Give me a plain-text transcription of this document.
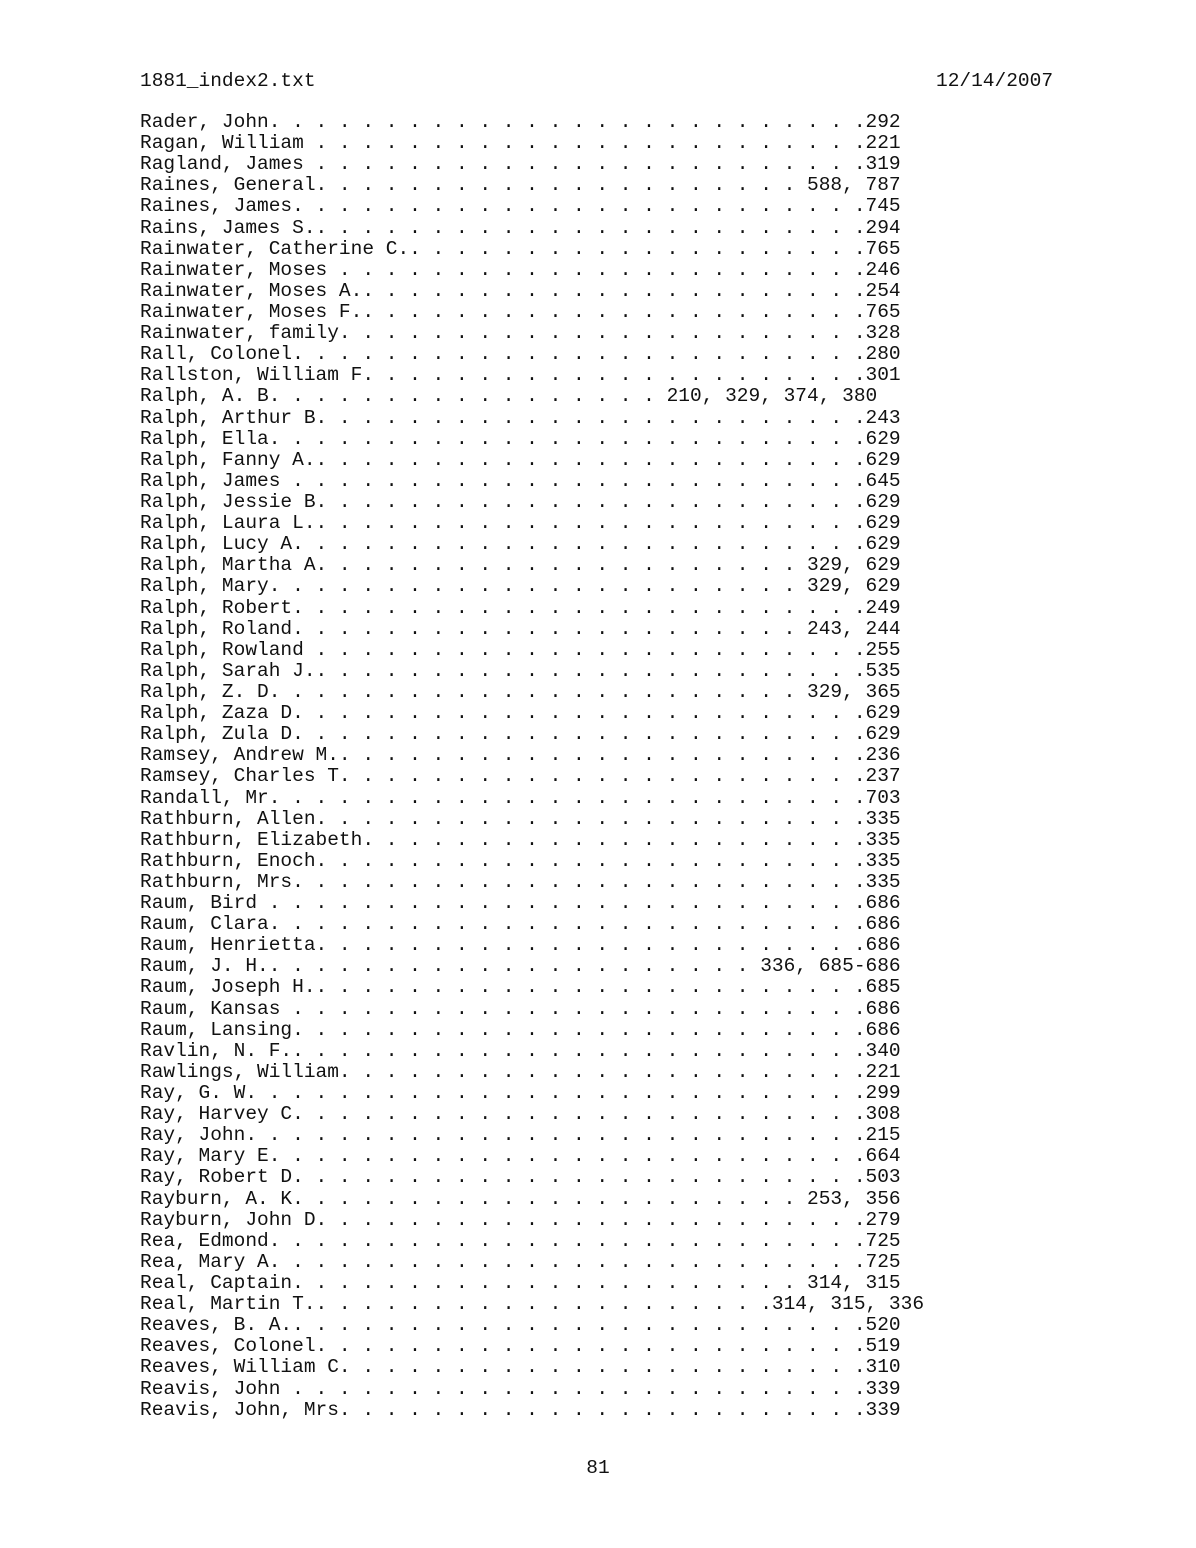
1881_index2.txt	12/14/2007
Rader, John. . . . . . . . . . . . . . . . . . . . . . . . . .292
Ragan, William . . . . . . . . . . . . . . . . . . . . . . . .221
Ragland, James . . . . . . . . . . . . . . . . . . . . . . . .319
Raines, General. . . . . . . . . . . . . . . . . . . . . 588, 787
Raines, James. . . . . . . . . . . . . . . . . . . . . . . . .745
Rains, James S.. . . . . . . . . . . . . . . . . . . . . . . .294
Rainwater, Catherine C.. . . . . . . . . . . . . . . . . . . .765
Rainwater, Moses . . . . . . . . . . . . . . . . . . . . . . .246
Rainwater, Moses A.. . . . . . . . . . . . . . . . . . . . . .254
Rainwater, Moses F.. . . . . . . . . . . . . . . . . . . . . .765
Rainwater, family. . . . . . . . . . . . . . . . . . . . . . .328
Rall, Colonel. . . . . . . . . . . . . . . . . . . . . . . . .280
Rallston, William F. . . . . . . . . . . . . . . . . . . . . .301
Ralph, A. B. . . . . . . . . . . . . . . . . 210, 329, 374, 380
Ralph, Arthur B. . . . . . . . . . . . . . . . . . . . . . . .243
Ralph, Ella. . . . . . . . . . . . . . . . . . . . . . . . . .629
Ralph, Fanny A.. . . . . . . . . . . . . . . . . . . . . . . .629
Ralph, James . . . . . . . . . . . . . . . . . . . . . . . . .645
Ralph, Jessie B. . . . . . . . . . . . . . . . . . . . . . . .629
Ralph, Laura L.. . . . . . . . . . . . . . . . . . . . . . . .629
Ralph, Lucy A. . . . . . . . . . . . . . . . . . . . . . . . .629
Ralph, Martha A. . . . . . . . . . . . . . . . . . . . . 329, 629
Ralph, Mary. . . . . . . . . . . . . . . . . . . . . . . 329, 629
Ralph, Robert. . . . . . . . . . . . . . . . . . . . . . . . .249
Ralph, Roland. . . . . . . . . . . . . . . . . . . . . . 243, 244
Ralph, Rowland . . . . . . . . . . . . . . . . . . . . . . . .255
Ralph, Sarah J.. . . . . . . . . . . . . . . . . . . . . . . .535
Ralph, Z. D. . . . . . . . . . . . . . . . . . . . . . . 329, 365
Ralph, Zaza D. . . . . . . . . . . . . . . . . . . . . . . . .629
Ralph, Zula D. . . . . . . . . . . . . . . . . . . . . . . . .629
Ramsey, Andrew M.. . . . . . . . . . . . . . . . . . . . . . .236
Ramsey, Charles T. . . . . . . . . . . . . . . . . . . . . . .237
Randall, Mr. . . . . . . . . . . . . . . . . . . . . . . . . .703
Rathburn, Allen. . . . . . . . . . . . . . . . . . . . . . . .335
Rathburn, Elizabeth. . . . . . . . . . . . . . . . . . . . . .335
Rathburn, Enoch. . . . . . . . . . . . . . . . . . . . . . . .335
Rathburn, Mrs. . . . . . . . . . . . . . . . . . . . . . . . .335
Raum, Bird . . . . . . . . . . . . . . . . . . . . . . . . . .686
Raum, Clara. . . . . . . . . . . . . . . . . . . . . . . . . .686
Raum, Henrietta. . . . . . . . . . . . . . . . . . . . . . . .686
Raum, J. H.. . . . . . . . . . . . . . . . . . . . . 336, 685-686
Raum, Joseph H.. . . . . . . . . . . . . . . . . . . . . . . .685
Raum, Kansas . . . . . . . . . . . . . . . . . . . . . . . . .686
Raum, Lansing. . . . . . . . . . . . . . . . . . . . . . . . .686
Ravlin, N. F.. . . . . . . . . . . . . . . . . . . . . . . . .340
Rawlings, William. . . . . . . . . . . . . . . . . . . . . . .221
Ray, G. W. . . . . . . . . . . . . . . . . . . . . . . . . . .299
Ray, Harvey C. . . . . . . . . . . . . . . . . . . . . . . . .308
Ray, John. . . . . . . . . . . . . . . . . . . . . . . . . . .215
Ray, Mary E. . . . . . . . . . . . . . . . . . . . . . . . . .664
Ray, Robert D. . . . . . . . . . . . . . . . . . . . . . . . .503
Rayburn, A. K. . . . . . . . . . . . . . . . . . . . . . 253, 356
Rayburn, John D. . . . . . . . . . . . . . . . . . . . . . . .279
Rea, Edmond. . . . . . . . . . . . . . . . . . . . . . . . . .725
Rea, Mary A. . . . . . . . . . . . . . . . . . . . . . . . . .725
Real, Captain. . . . . . . . . . . . . . . . . . . . . . 314, 315
Real, Martin T.. . . . . . . . . . . . . . . . . . . .314, 315, 336
Reaves, B. A.. . . . . . . . . . . . . . . . . . . . . . . . .520
Reaves, Colonel. . . . . . . . . . . . . . . . . . . . . . . .519
Reaves, William C. . . . . . . . . . . . . . . . . . . . . . .310
Reavis, John . . . . . . . . . . . . . . . . . . . . . . . . .339
Reavis, John, Mrs. . . . . . . . . . . . . . . . . . . . . . .339
81
